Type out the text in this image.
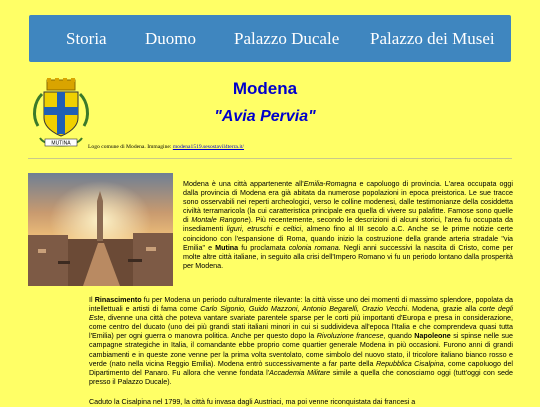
Storia Duomo Palazzo Ducale Palazzo dei Musei
MUTINA
Modena
"Avia Pervia"
Logo comune di Modena. Immagine: modena1519.sesostavil4terra.it/
Modena è una città appartenente all'Emilia-Romagna e capoluogo di provincia. L'area occupata oggi dalla provincia di Modena era già abitata da numerose popolazioni in epoca preistorica. Le sue tracce sono osservabili nei reperti archeologici, verso le colline modenesi, dalle testimonianze della cosiddetta civiltà terramaricola (la cui caratteristica principale era quella di vivere su palafitte. Famose sono quelle di Montale Rangone). Più recentemente, secondo le descrizioni di alcuni storici, l'area fu occupata da insediamenti liguri, etruschi e celtici, almeno fino al III secolo a.C. Anche se le prime notizie certe coincidono con l'espansione di Roma, quando inizio la costruzione della grande arteria stradale "via Emilia" e Mutina fu proclamata colonia romana. Negli anni successivi la nascita di Cristo, come per molte altre città italiane, in seguito alla crisi dell'Impero Romano vi fu un periodo lontano dalla prosperità per Modena.
Il Rinascimento fu per Modena un periodo culturalmente rilevante: la città visse uno dei momenti di massimo splendore, popolata da intellettuali e artisti di fama come Carlo Sigonio, Guido Mazzoni, Antonio Begarelli, Orazio Vecchi. Modena, grazie alla corte degli Este, divenne una città che poteva vantare svariate parentele sparse per le corti più importanti d'Europa e presa in considerazione, come centro del ducato (uno dei più grandi stati italiani minori in cui si suddivideva all'epoca l'Italia e che comprendeva quasi tutta l'Emilia) per ogni guerra o manovra politica. Anche per questo dopo la Rivoluzione francese, quando Napoleone si spinse nelle sue campagne strategiche in Italia, il comandante ebbe proprio come quartier generale Modena in più occasioni. Furono anni di grandi cambiamenti e in queste zone venne per la prima volta sventolato, come simbolo del nuovo stato, il tricolore italiano bianco rosso e verde (nato nella vicina Reggio Emilia). Modena entrò successivamente a far parte della Repubblica Cisalpina, come capoluogo del Dipartimento del Panaro. Fu allora che venne fondata l'Accademia Militare simile a quella che conosciamo oggi (tutt'oggi con sede presso il Palazzo Ducale).
Caduto la Cisalpina nel 1799, la città fu invasa dagli Austriaci, ma poi venne riconquistata dai francesi a
